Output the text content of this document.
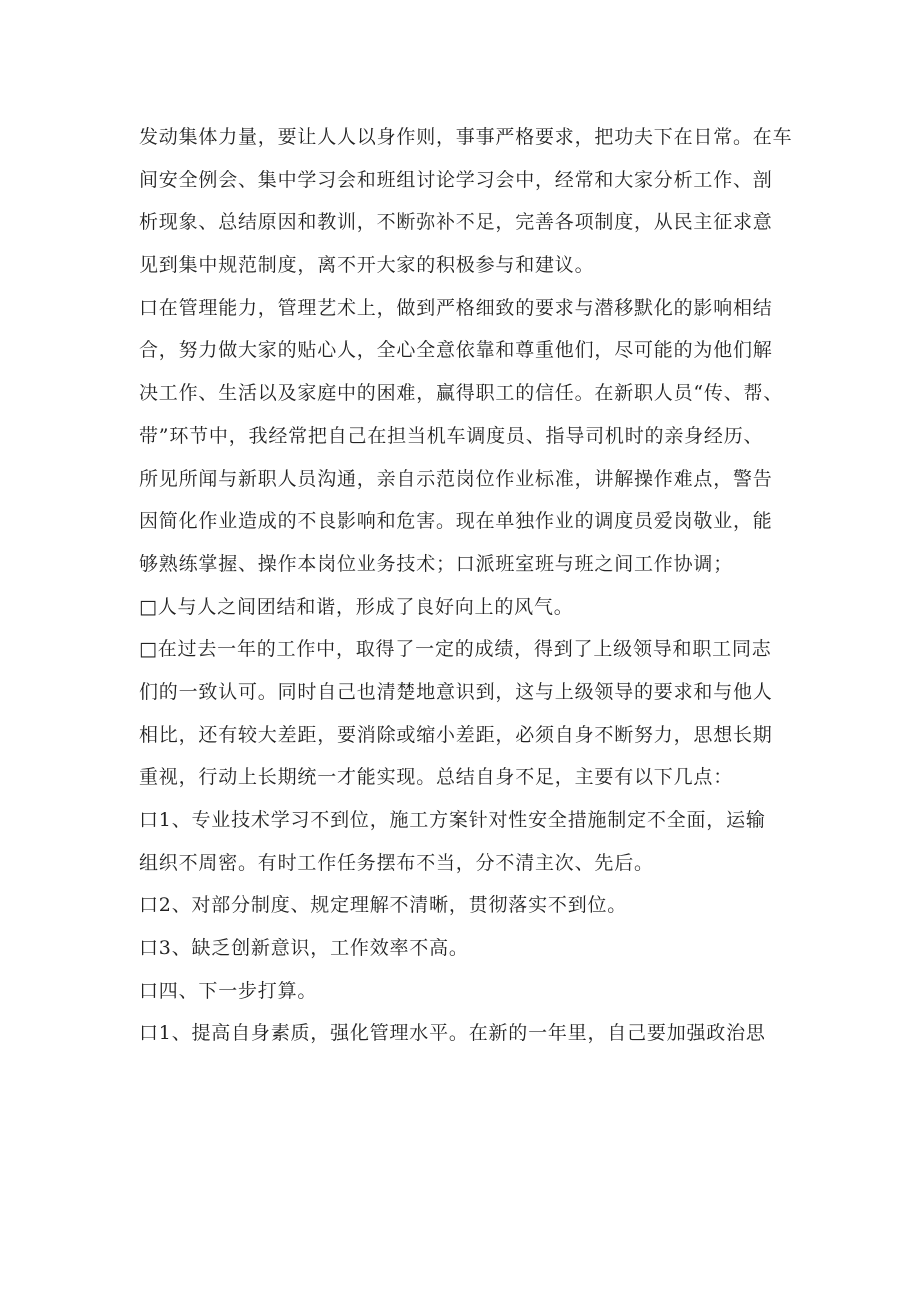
发动集体力量，要让人人以身作则，事事严格要求，把功夫下在日常。在车
间安全例会、集中学习会和班组讨论学习会中，经常和大家分析工作、剖
析现象、总结原因和教训，不断弥补不足，完善各项制度，从民主征求意
见到集中规范制度，离不开大家的积极参与和建议。

口在管理能力，管理艺术上，做到严格细致的要求与潜移默化的影响相结
合，努力做大家的贴心人，全心全意依靠和尊重他们，尽可能的为他们解
决工作、生活以及家庭中的困难，赢得职工的信任。在新职人员“传、帮、
带”环节中，我经常把自己在担当机车调度员、指导司机时的亲身经历、
所见所闻与新职人员沟通，亲自示范岗位作业标准，讲解操作难点，警告
因简化作业造成的不良影响和危害。现在单独作业的调度员爱岗敬业，能
够熟练掌握、操作本岗位业务技术；口派班室班与班之间工作协调；

□人与人之间团结和谐，形成了良好向上的风气。

□在过去一年的工作中，取得了一定的成绩，得到了上级领导和职工同志
们的一致认可。同时自己也清楚地意识到，这与上级领导的要求和与他人
相比，还有较大差距，要消除或缩小差距，必须自身不断努力，思想长期
重视，行动上长期统一才能实现。总结自身不足，主要有以下几点：

口1、专业技术学习不到位，施工方案针对性安全措施制定不全面，运输
组织不周密。有时工作任务摆布不当，分不清主次、先后。

口2、对部分制度、规定理解不清晰，贯彻落实不到位。

口3、缺乏创新意识，工作效率不高。

口四、下一步打算。

口1、提高自身素质，强化管理水平。在新的一年里，自己要加强政治思
